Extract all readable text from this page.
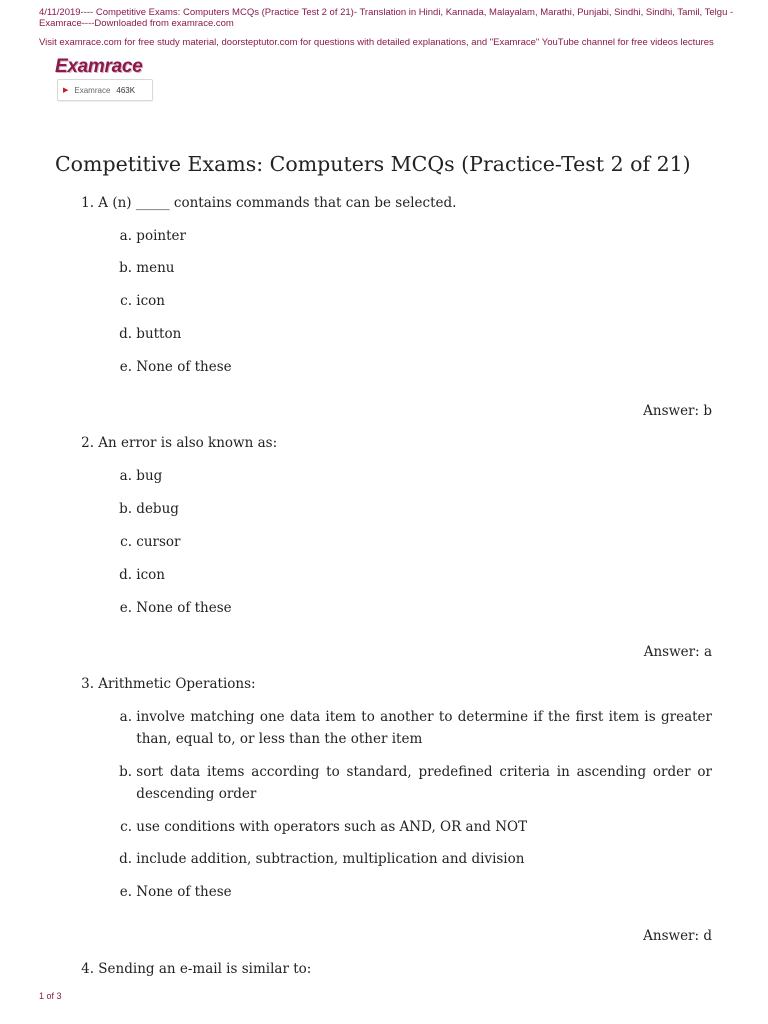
4/11/2019---- Competitive Exams: Computers MCQs (Practice Test 2 of 21)- Translation in Hindi, Kannada, Malayalam, Marathi, Punjabi, Sindhi, Sindhi, Tamil, Telgu - Examrace----Downloaded from examrace.com
Visit examrace.com for free study material, doorsteptutor.com for questions with detailed explanations, and "Examrace" YouTube channel for free videos lectures
Examrace
▶ Examrace 463K
Competitive Exams: Computers MCQs (Practice-Test 2 of 21)
1. A (n) _____ contains commands that can be selected.
a.
pointer
b.
menu
c.
icon
d.
button
e.
None of these
Answer: b
2. An error is also known as:
a.
bug
b.
debug
c.
cursor
d.
icon
e.
None of these
Answer: a
3. Arithmetic Operations:
a.
involve matching one data item to another to determine if the first item is greater than, equal to, or less than the other item
b.
sort data items according to standard, predefined criteria in ascending order or descending order
c.
use conditions with operators such as AND, OR and NOT
d.
include addition, subtraction, multiplication and division
e.
None of these
Answer: d
4. Sending an e-mail is similar to:
1 of 3
